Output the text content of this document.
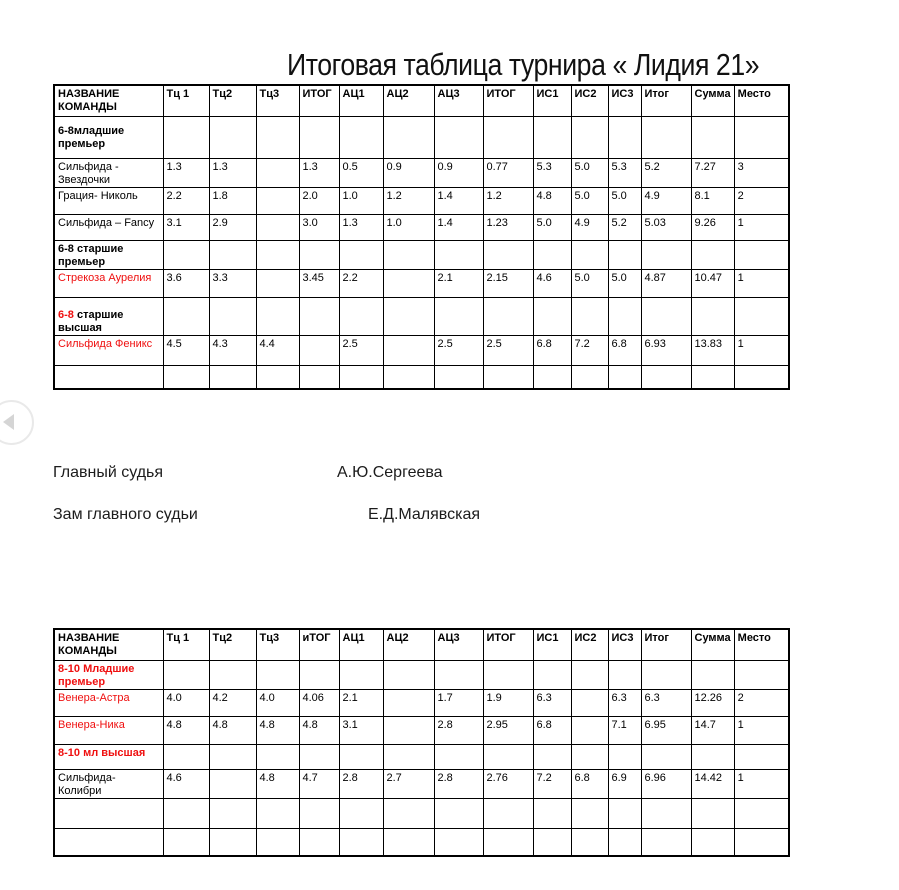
Итоговая таблица турнира « Лидия 21»
НАЗВАНИЕ КОМАНДЫ	Тц 1	Тц2	Тц3	ИТОГ	АЦ1	АЦ2	АЦ3	ИТОГ	ИС1	ИС2	ИС3	Итог	Сумма	Место
6-8младшие премьер														
Сильфида - Звездочки	1.3	1.3		1.3	0.5	0.9	0.9	0.77	5.3	5.0	5.3	5.2	7.27	3
Грация- Николь	2.2	1.8		2.0	1.0	1.2	1.4	1.2	4.8	5.0	5.0	4.9	8.1	2
Сильфида – Fancy	3.1	2.9		3.0	1.3	1.0	1.4	1.23	5.0	4.9	5.2	5.03	9.26	1
6-8 старшие премьер														
Стрекоза Аурелия	3.6	3.3		3.45	2.2		2.1	2.15	4.6	5.0	5.0	4.87	10.47	1
6-8 старшие высшая														
Сильфида Феникс	4.5	4.3	4.4		2.5		2.5	2.5	6.8	7.2	6.8	6.93	13.83	1

Главный судья	А.Ю.Сергеева
Зам главного судьи	Е.Д.Малявская
НАЗВАНИЕ КОМАНДЫ	Тц 1	Тц2	Тц3	иТОГ	АЦ1	АЦ2	АЦ3	ИТОГ	ИС1	ИС2	ИС3	Итог	Сумма	Место
8-10 Младшие премьер														
Венера-Астра	4.0	4.2	4.0	4.06	2.1		1.7	1.9	6.3		6.3	6.3	12.26	2
Венера-Ника	4.8	4.8	4.8	4.8	3.1		2.8	2.95	6.8		7.1	6.95	14.7	1
8-10 мл высшая														
Сильфида- Колибри	4.6		4.8	4.7	2.8	2.7	2.8	2.76	7.2	6.8	6.9	6.96	14.42	1
